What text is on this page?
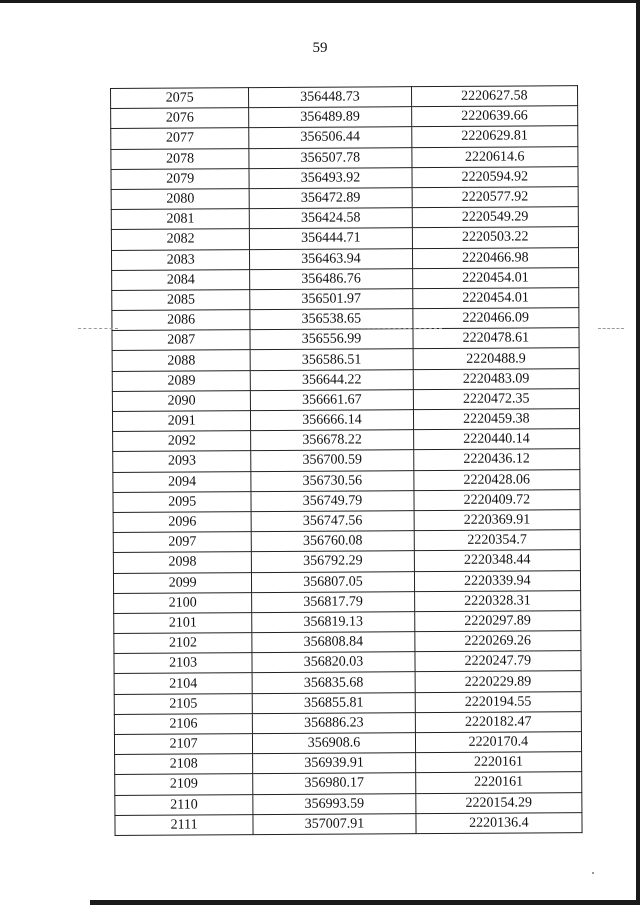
59
2075	356448.73	2220627.58
2076	356489.89	2220639.66
2077	356506.44	2220629.81
2078	356507.78	2220614.6
2079	356493.92	2220594.92
2080	356472.89	2220577.92
2081	356424.58	2220549.29
2082	356444.71	2220503.22
2083	356463.94	2220466.98
2084	356486.76	2220454.01
2085	356501.97	2220454.01
2086	356538.65	2220466.09
2087	356556.99	2220478.61
2088	356586.51	2220488.9
2089	356644.22	2220483.09
2090	356661.67	2220472.35
2091	356666.14	2220459.38
2092	356678.22	2220440.14
2093	356700.59	2220436.12
2094	356730.56	2220428.06
2095	356749.79	2220409.72
2096	356747.56	2220369.91
2097	356760.08	2220354.7
2098	356792.29	2220348.44
2099	356807.05	2220339.94
2100	356817.79	2220328.31
2101	356819.13	2220297.89
2102	356808.84	2220269.26
2103	356820.03	2220247.79
2104	356835.68	2220229.89
2105	356855.81	2220194.55
2106	356886.23	2220182.47
2107	356908.6	2220170.4
2108	356939.91	2220161
2109	356980.17	2220161
2110	356993.59	2220154.29
2111	357007.91	2220136.4
